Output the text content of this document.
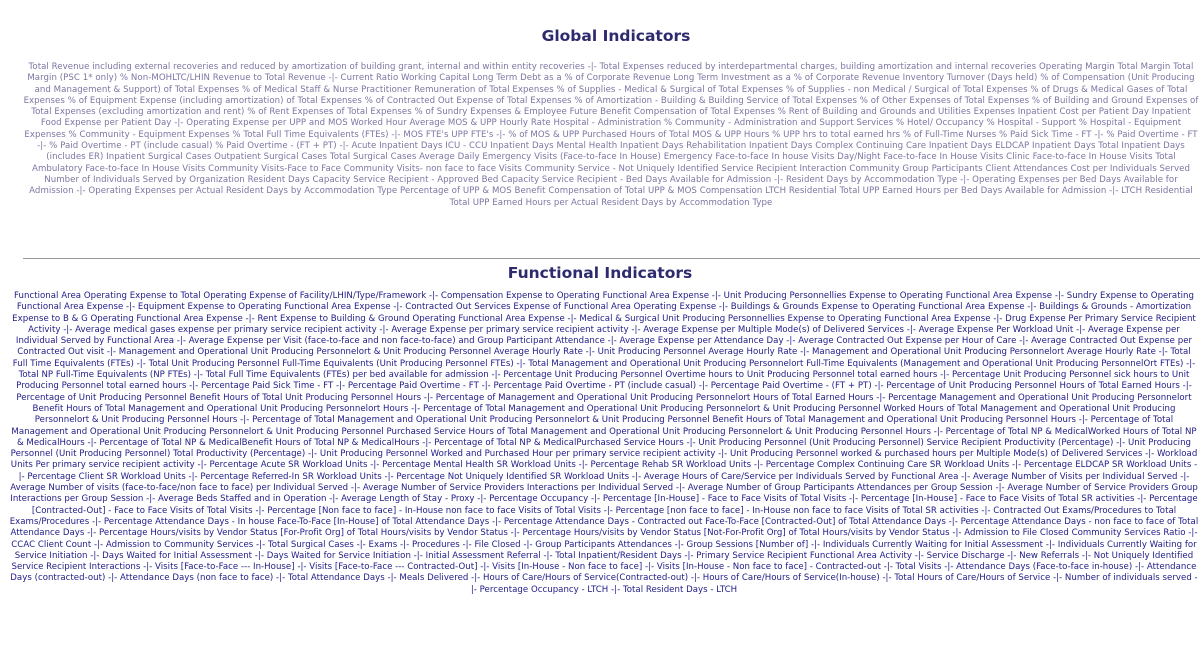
Global Indicators

Total Revenue including external recoveries and reduced by amortization of building grant, internal and within entity recoveries -|- Total Expenses reduced by interdepartmental charges, building amortization and internal recoveries Operating Margin Total Margin Total Margin (PSC 1* only) % Non-MOHLTC/LHIN Revenue to Total Revenue -|- Current Ratio Working Capital Long Term Debt as a % of Corporate Revenue Long Term Investment as a % of Corporate Revenue Inventory Turnover (Days held) % of Compensation (Unit Producing and Management & Support) of Total Expenses % of Medical Staff & Nurse Practitioner Remuneration of Total Expenses % of Supplies - Medical & Surgical of Total Expenses % of Supplies - non Medical / Surgical of Total Expenses % of Drugs & Medical Gases of Total Expenses % of Equipment Expense (including amortization) of Total Expenses % of Contracted Out Expense of Total Expenses % of Amortization - Building & Building Service of Total Expenses % of Other Expenses of Total Expenses % of Building and Ground Expenses of Total Expenses (excluding amortization and rent) % of Rent Expenses of Total Expenses % of Sundry Expenses & Employee Future Benefit Compensation of Total Expenses % Rent of Building and Grounds and Utilities Expenses Inpatient Cost per Patient Day Inpatient Food Expense per Patient Day -|- Operating Expense per UPP and MOS Worked Hour Average MOS & UPP Hourly Rate Hospital - Administration % Community - Administration and Support Services % Hotel/ Occupancy % Hospital - Support % Hospital - Equipment Expenses % Community - Equipment Expenses % Total Full Time Equivalents (FTEs) -|- MOS FTE's UPP FTE's -|- % of MOS & UPP Purchased Hours of Total MOS & UPP Hours % UPP hrs to total earned hrs % of Full-Time Nurses % Paid Sick Time - FT -|- % Paid Overtime - FT -|- % Paid Overtime - PT (include casual) % Paid Overtime - (FT + PT) -|- Acute Inpatient Days ICU - CCU Inpatient Days Mental Health Inpatient Days Rehabilitation Inpatient Days Complex Continuing Care Inpatient Days ELDCAP Inpatient Days Total Inpatient Days (includes ER) Inpatient Surgical Cases Outpatient Surgical Cases Total Surgical Cases Average Daily Emergency Visits (Face-to-face In House) Emergency Face-to-face In house Visits Day/Night Face-to-face In House Visits Clinic Face-to-face In House Visits Total Ambulatory Face-to-face In House Visits Community Visits-Face to Face Community Visits- non face to face Visits Community Service - Not Uniquely Identified Service Recipient Interaction Community Group Participants Client Attendances Cost per Individuals Served Number of Individuals Served by Organization Resident Days Capacity Service Recipient - Approved Bed Capacity Service Recipient - Bed Days Available for Admission -|- Resident Days by Accommodation Type -|- Operating Expenses per Bed Days Available for Admission -|- Operating Expenses per Actual Resident Days by Accommodation Type Percentage of UPP & MOS Benefit Compensation of Total UPP & MOS Compensation LTCH Residential Total UPP Earned Hours per Bed Days Available for Admission -|- LTCH Residential Total UPP Earned Hours per Actual Resident Days by Accommodation Type

Functional Indicators

Functional Area Operating Expense to Total Operating Expense of Facility/LHIN/Type/Framework -|- Compensation Expense to Operating Functional Area Expense -|- Unit Producing Personnellies Expense to Operating Functional Area Expense -|- Sundry Expense to Operating Functional Area Expense -|- Equipment Expense to Operating Functional Area Expense -|- Contracted Out Services Expense of Functional Area Operating Expense -|- Buildings & Grounds Expense to Operating Functional Area Expense -|- Buildings & Grounds - Amortization Expense to B & G Operating Functional Area Expense -|- Rent Expense to Building & Ground Operating Functional Area Expense -|- Medical & Surgical Unit Producing Personnellies Expense to Operating Functional Area Expense -|- Drug Expense Per Primary Service Recipient Activity -|- Average medical gases expense per primary service recipient activity -|- Average Expense per primary service recipient activity -|- Average Expense per Multiple Mode(s) of Delivered Services -|- Average Expense Per Workload Unit -|- Average Expense per Individual Served by Functional Area -|- Average Expense per Visit (face-to-face and non face-to-face) and Group Participant Attendance -|- Average Expense per Attendance Day -|- Average Contracted Out Expense per Hour of Care -|- Average Contracted Out Expense per Contracted Out visit -|- Management and Operational Unit Producing Personnelort & Unit Producing Personnel Average Hourly Rate -|- Unit Producing Personnel Average Hourly Rate -|- Management and Operational Unit Producing Personnelort Average Hourly Rate -|- Total Full Time Equivalents (FTEs) -|- Total Unit Producing Personnel Full-Time Equivalents (Unit Producing Personnel FTEs) -|- Total Management and Operational Unit Producing Personnelort Full-Time Equivalents (Management and Operational Unit Producing PersonnelOrt FTEs) -|- Total NP Full-Time Equivalents (NP FTEs) -|- Total Full Time Equivalents (FTEs) per bed available for admission -|- Percentage Unit Producing Personnel Overtime hours to Unit Producing Personnel total earned hours -|- Percentage Unit Producing Personnel sick hours to Unit Producing Personnel total earned hours -|- Percentage Paid Sick Time - FT -|- Percentage Paid Overtime - FT -|- Percentage Paid Overtime - PT (include casual) -|- Percentage Paid Overtime - (FT + PT) -|- Percentage of Unit Producing Personnel Hours of Total Earned Hours -|- Percentage of Unit Producing Personnel Benefit Hours of Total Unit Producing Personnel Hours -|- Percentage of Management and Operational Unit Producing Personnelort Hours of Total Earned Hours -|- Percentage Management and Operational Unit Producing Personnelort Benefit Hours of Total Management and Operational Unit Producing Personnelort Hours -|- Percentage of Total Management and Operational Unit Producing Personnelort & Unit Producing Personnel Worked Hours of Total Management and Operational Unit Producing Personnelort & Unit Producing Personnel Hours -|- Percentage of Total Management and Operational Unit Producing Personnelort & Unit Producing Personnel Benefit Hours of Total Management and Operational Unit Producing Personnel Hours -|- Percentage of Total Management and Operational Unit Producing Personnelort & Unit Producing Personnel Purchased Service Hours of Total Management and Operational Unit Producing Personnelort & Unit Producing Personnel Hours -|- Percentage of Total NP & MedicalWorked Hours of Total NP & MedicalHours -|- Percentage of Total NP & MedicalBenefit Hours of Total NP & MedicalHours -|- Percentage of Total NP & MedicalPurchased Service Hours -|- Unit Producing Personnel (Unit Producing Personnel) Service Recipient Productivity (Percentage) -|- Unit Producing Personnel (Unit Producing Personnel) Total Productivity (Percentage) -|- Unit Producing Personnel Worked and Purchased Hour per primary service recipient activity -|- Unit Producing Personnel worked & purchased hours per Multiple Mode(s) of Delivered Services -|- Workload Units Per primary service recipient activity -|- Percentage Acute SR Workload Units -|- Percentage Mental Health SR Workload Units -|- Percentage Rehab SR Workload Units -|- Percentage Complex Continuing Care SR Workload Units -|- Percentage ELDCAP SR Workload Units -|- Percentage Client SR Workload Units -|- Percentage Referred-In SR Workload Units -|- Percentage Not Uniquely Identified SR Workload Units -|- Average Hours of Care/Service per Individuals Served by Functional Area -|- Average Number of Visits per Individual Served -|- Average Number of visits (face-to-face/non face to face) per Individual Served -|- Average Number of Service Providers Interactions per Individual Served -|- Average Number of Group Participants Attendances per Group Session -|- Average Number of Service Providers Group Interactions per Group Session -|- Average Beds Staffed and in Operation -|- Average Length of Stay - Proxy -|- Percentage Occupancy -|- Percentage [In-House] - Face to Face Visits of Total Visits -|- Percentage [In-House] - Face to Face Visits of Total SR activities -|- Percentage [Contracted-Out] - Face to Face Visits of Total Visits -|- Percentage [Non face to face] - In-House non face to face Visits of Total Visits -|- Percentage [non face to face] - In-House non face to face Visits of Total SR activities -|- Contracted Out Exams/Procedures to Total Exams/Procedures -|- Percentage Attendance Days - In house Face-To-Face [In-House] of Total Attendance Days -|- Percentage Attendance Days - Contracted out Face-To-Face [Contracted-Out] of Total Attendance Days -|- Percentage Attendance Days - non face to face of Total Attendance Days -|- Percentage Hours/visits by Vendor Status [For-Profit Org] of Total Hours/visits by Vendor Status -|- Percentage Hours/visits by Vendor Status [Not-For-Profit Org] of Total Hours/visits by Vendor Status -|- Admission to File Closed Community Services Ratio -|- CCAC Client Count -|- Admission to Community Services -|- Total Surgical Cases -|- Exams -|- Procedures -|- File Closed -|- Group Participants Attendances -|- Group Sessions [Number of] -|- Individuals Currently Waiting for Initial Assessment -|- Individuals Currently Waiting for Service Initiation -|- Days Waited for Initial Assessment -|- Days Waited for Service Initiation -|- Initial Assessment Referral -|- Total Inpatient/Resident Days -|- Primary Service Recipient Functional Area Activity -|- Service Discharge -|- New Referrals -|- Not Uniquely Identified Service Recipient Interactions -|- Visits [Face-to-Face --- In-House] -|- Visits [Face-to-Face --- Contracted-Out] -|- Visits [In-House - Non face to face] -|- Visits [In-House - Non face to face] - Contracted-out -|- Total Visits -|- Attendance Days (Face-to-face in-house) -|- Attendance Days (contracted-out) -|- Attendance Days (non face to face) -|- Total Attendance Days -|- Meals Delivered -|- Hours of Care/Hours of Service(Contracted-out) -|- Hours of Care/Hours of Service(In-house) -|- Total Hours of Care/Hours of Service -|- Number of individuals served -|- Percentage Occupancy - LTCH -|- Total Resident Days - LTCH
